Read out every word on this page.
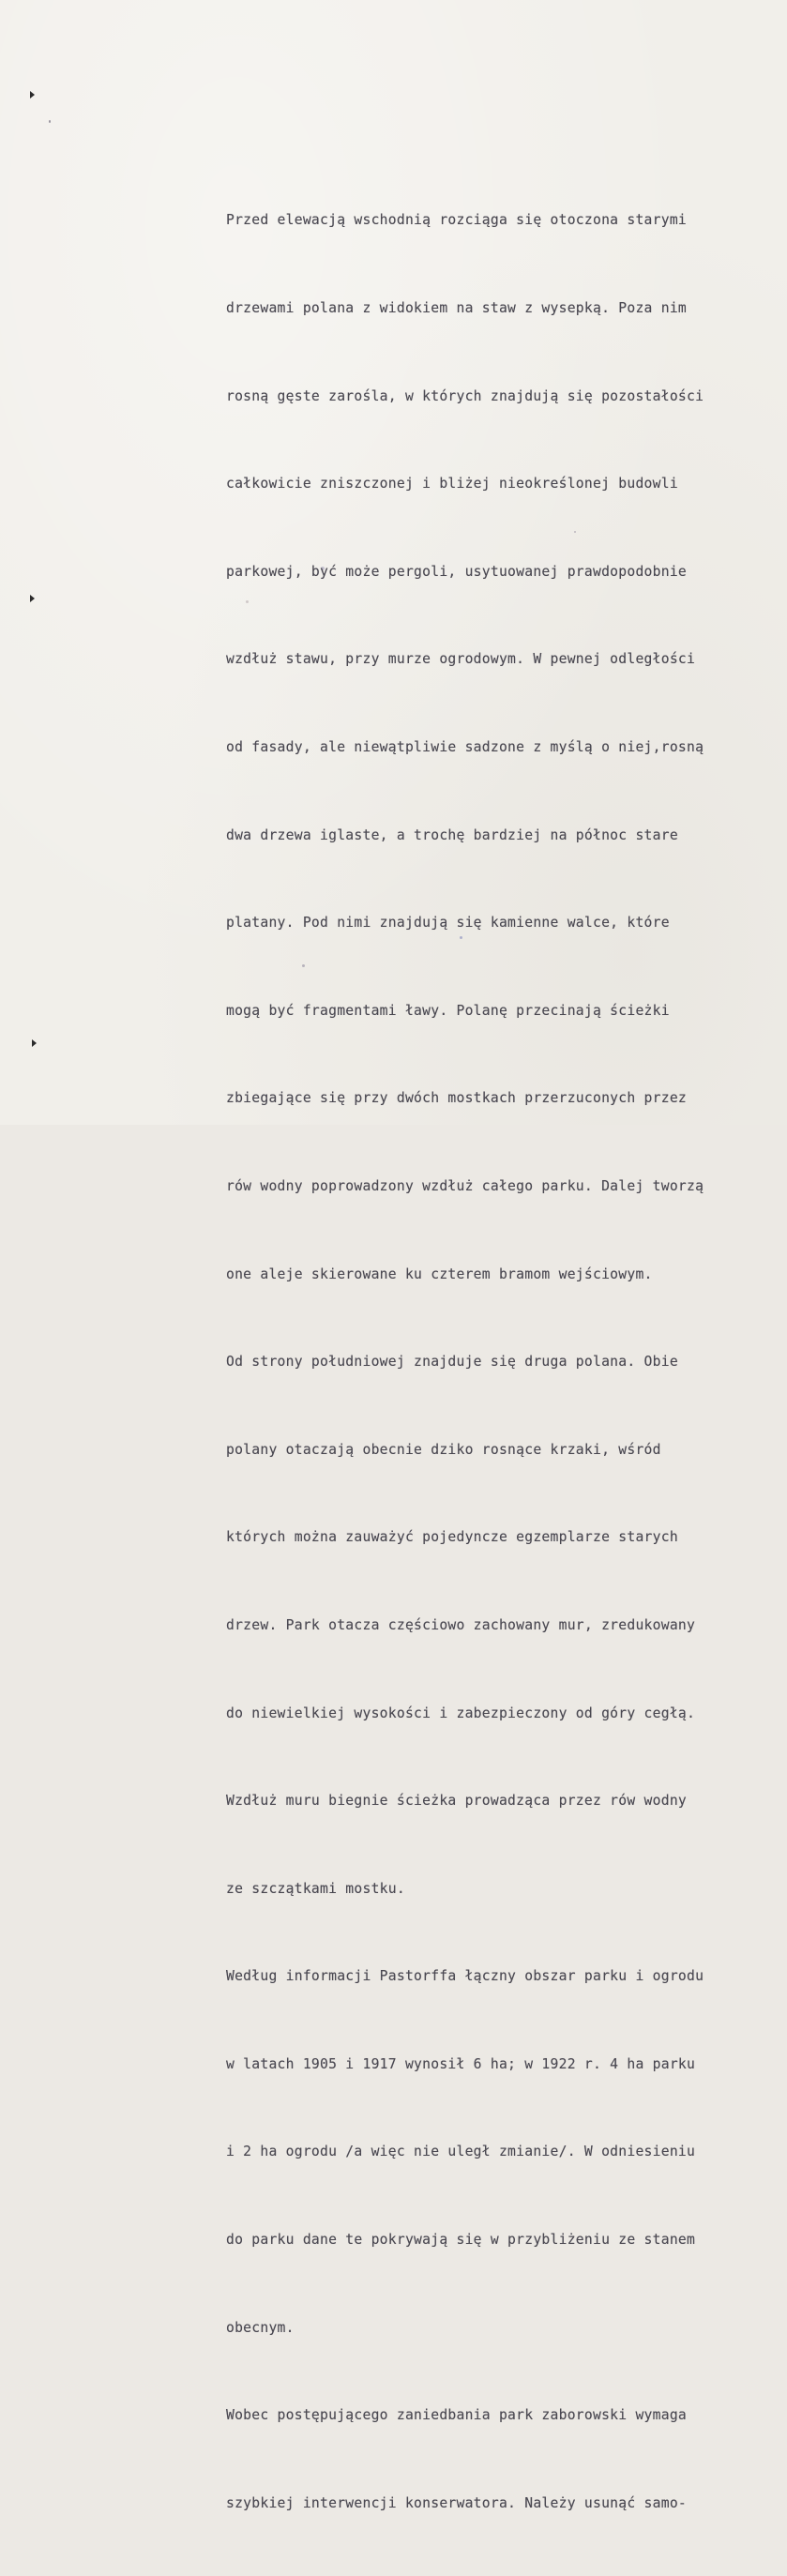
Przed elewacją wschodnią rozciąga się otoczona starymi

drzewami polana z widokiem na staw z wysepką. Poza nim

rosną gęste zarośla, w których znajdują się pozostałości

całkowicie zniszczonej i bliżej nieokreślonej budowli

parkowej, być może pergoli, usytuowanej prawdopodobnie

wzdłuż stawu, przy murze ogrodowym. W pewnej odległości

od fasady, ale niewątpliwie sadzone z myślą o niej,rosną

dwa drzewa iglaste, a trochę bardziej na północ stare

platany. Pod nimi znajdują się kamienne walce, które

mogą być fragmentami ławy. Polanę przecinają ścieżki

zbiegające się przy dwóch mostkach przerzuconych przez

rów wodny poprowadzony wzdłuż całego parku. Dalej tworzą

one aleje skierowane ku czterem bramom wejściowym.

Od strony południowej znajduje się druga polana. Obie

polany otaczają obecnie dziko rosnące krzaki, wśród

których można zauważyć pojedyncze egzemplarze starych

drzew. Park otacza częściowo zachowany mur, zredukowany

do niewielkiej wysokości i zabezpieczony od góry cegłą.

Wzdłuż muru biegnie ścieżka prowadząca przez rów wodny

ze szczątkami mostku.

Według informacji Pastorffa łączny obszar parku i ogrodu

w latach 1905 i 1917 wynosił 6 ha; w 1922 r. 4 ha parku

i 2 ha ogrodu /a więc nie uległ zmianie/. W odniesieniu

do parku dane te pokrywają się w przybliżeniu ze stanem

obecnym.

Wobec postępującego zaniedbania park zaborowski wymaga

szybkiej interwencji konserwatora. Należy usunąć samo-
